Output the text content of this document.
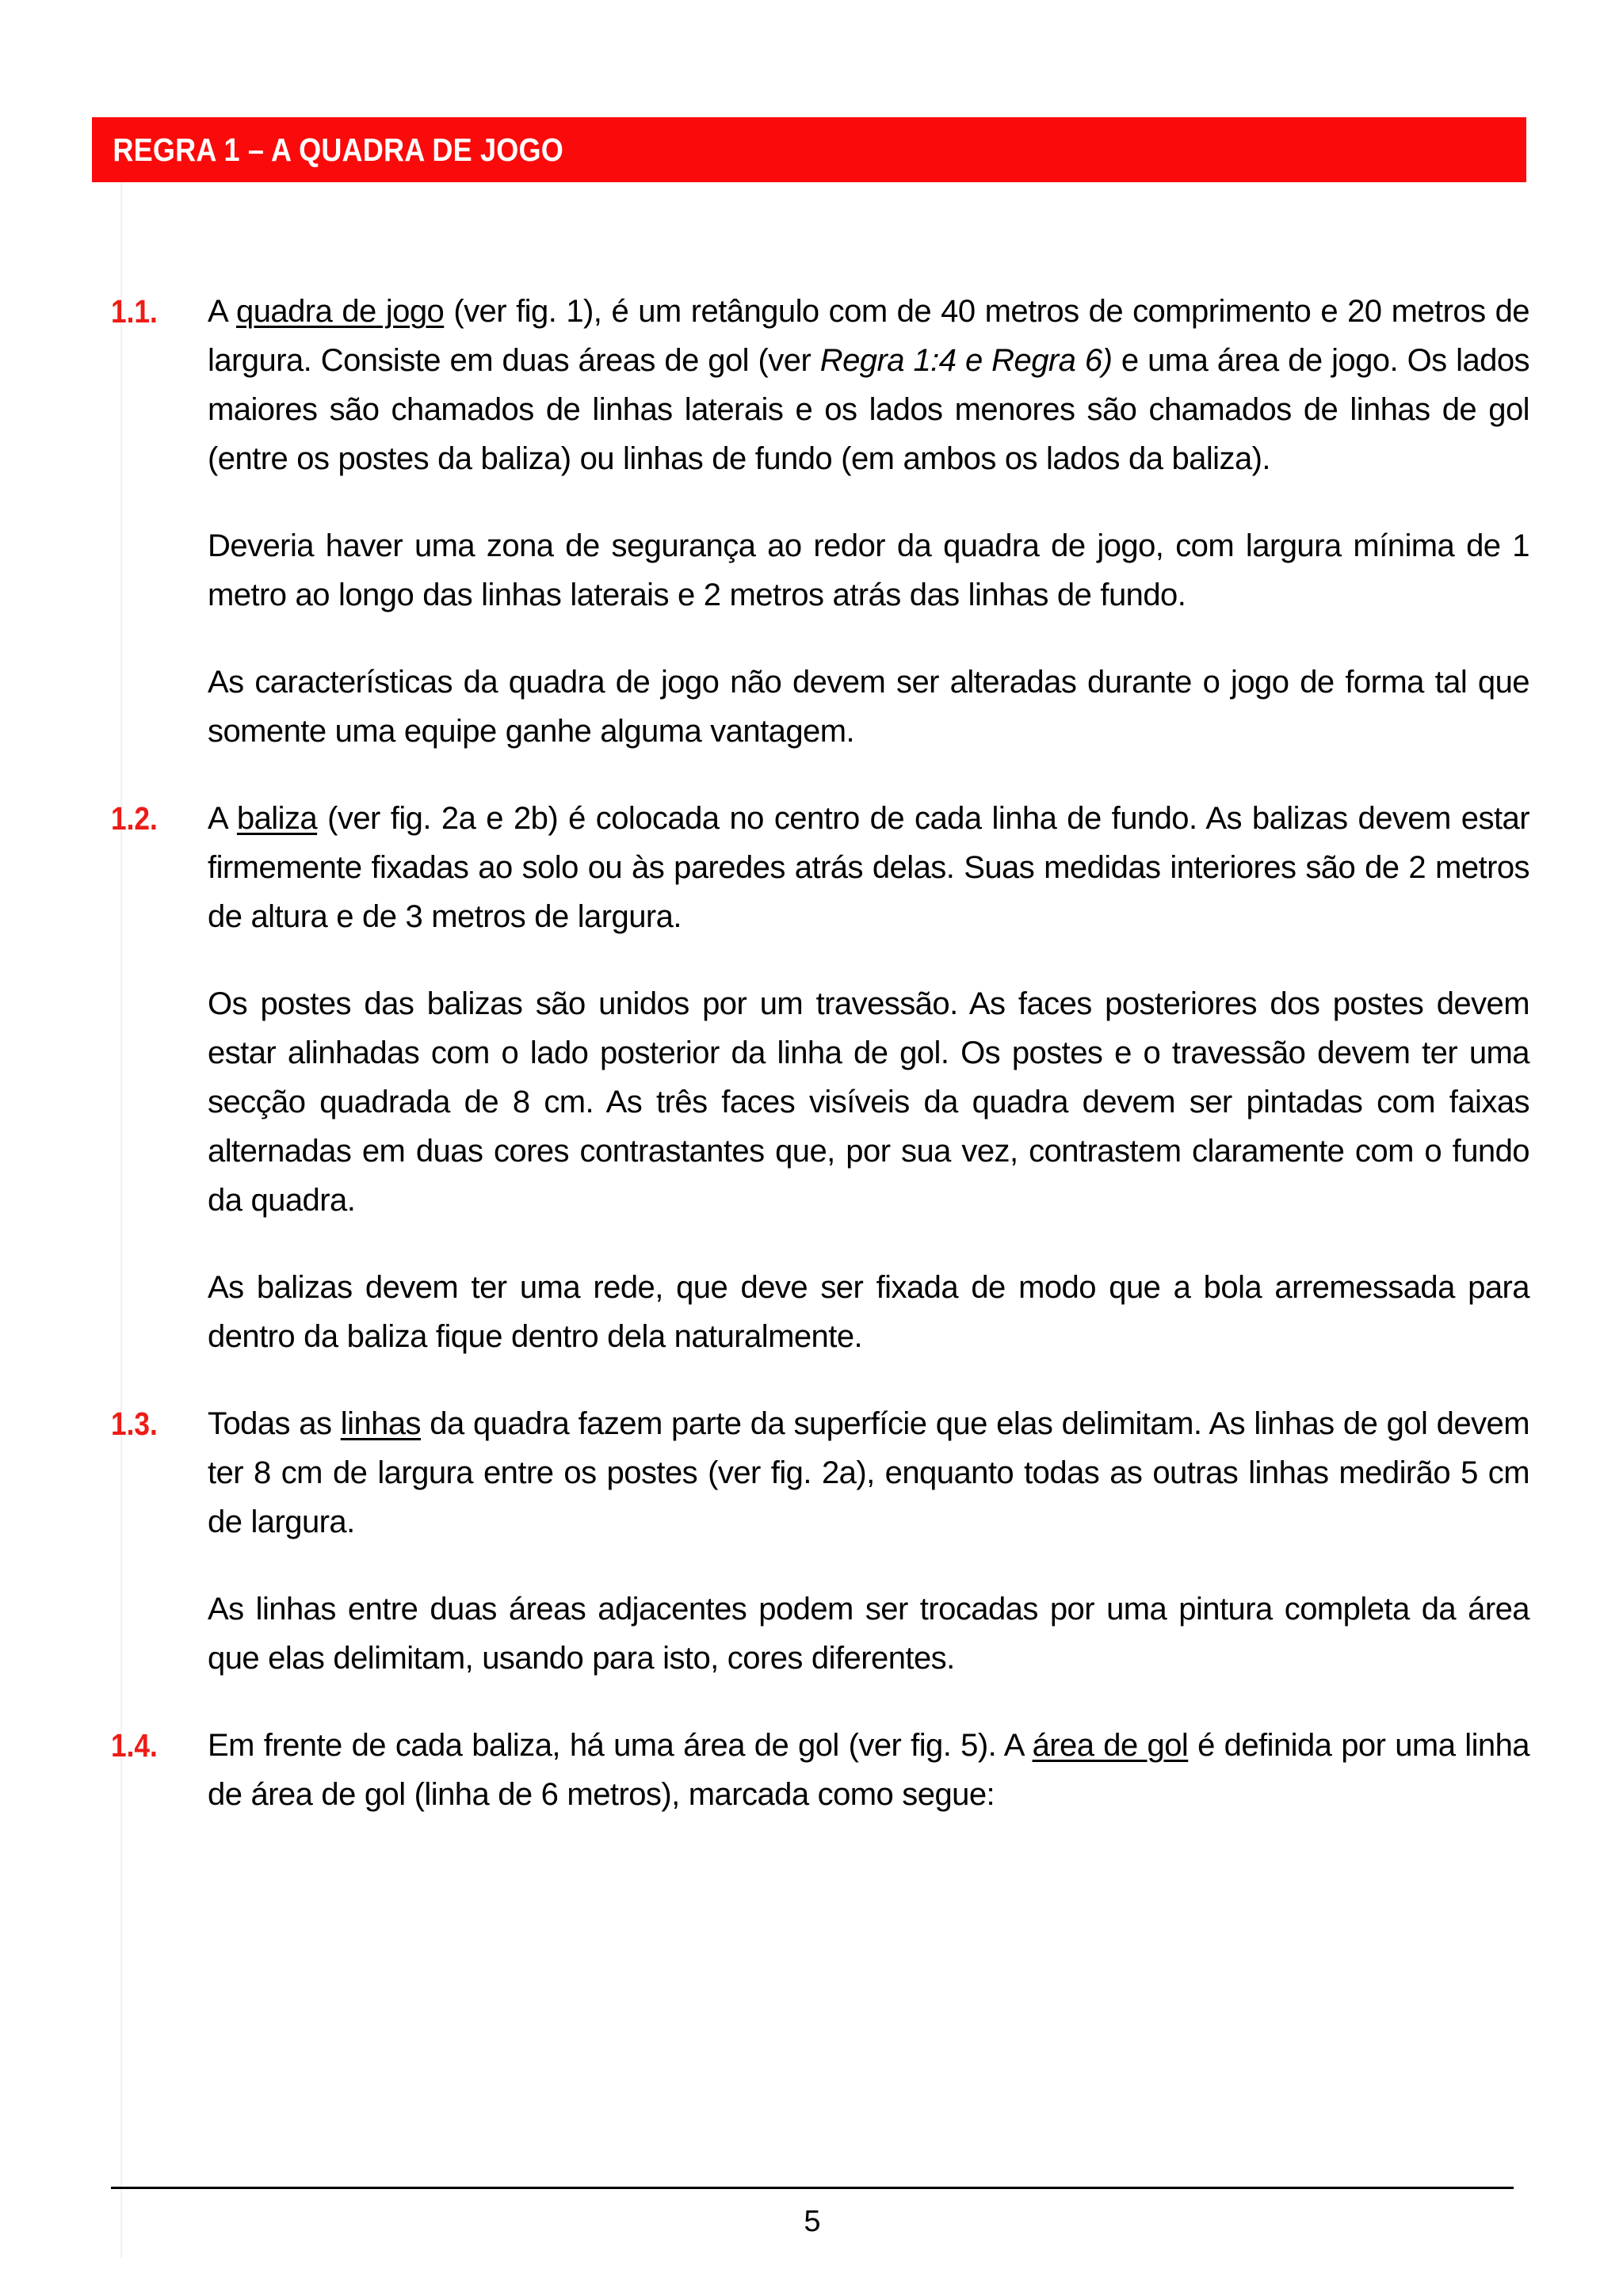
REGRA 1 – A QUADRA DE JOGO
1.1.	A quadra de jogo (ver fig. 1), é um retângulo com de 40 metros de comprimento e 20 metros de largura. Consiste em duas áreas de gol (ver Regra 1:4 e Regra 6) e uma área de jogo. Os lados maiores são chamados de linhas laterais e os lados menores são chamados de linhas de gol (entre os postes da baliza) ou linhas de fundo (em ambos os lados da baliza).

Deveria haver uma zona de segurança ao redor da quadra de jogo, com largura mínima de 1 metro ao longo das linhas laterais e 2 metros atrás das linhas de fundo.

As características da quadra de jogo não devem ser alteradas durante o jogo de forma tal que somente uma equipe ganhe alguma vantagem.

1.2.	A baliza (ver fig. 2a e 2b) é colocada no centro de cada linha de fundo. As balizas devem estar firmemente fixadas ao solo ou às paredes atrás delas. Suas medidas interiores são de 2 metros de altura e de 3 metros de largura.

Os postes das balizas são unidos por um travessão. As faces posteriores dos postes devem estar alinhadas com o lado posterior da linha de gol. Os postes e o travessão devem ter uma secção quadrada de 8 cm. As três faces visíveis da quadra devem ser pintadas com faixas alternadas em duas cores contrastantes que, por sua vez, contrastem claramente com o fundo da quadra.

As balizas devem ter uma rede, que deve ser fixada de modo que a bola arremessada para dentro da baliza fique dentro dela naturalmente.

1.3.	Todas as linhas da quadra fazem parte da superfície que elas delimitam. As linhas de gol devem ter 8 cm de largura entre os postes (ver fig. 2a), enquanto todas as outras linhas medirão 5 cm de largura.

As linhas entre duas áreas adjacentes podem ser trocadas por uma pintura completa da área que elas delimitam, usando para isto, cores diferentes.

1.4.	Em frente de cada baliza, há uma área de gol (ver fig. 5). A área de gol é definida por uma linha de área de gol (linha de 6 metros), marcada como segue:

5
